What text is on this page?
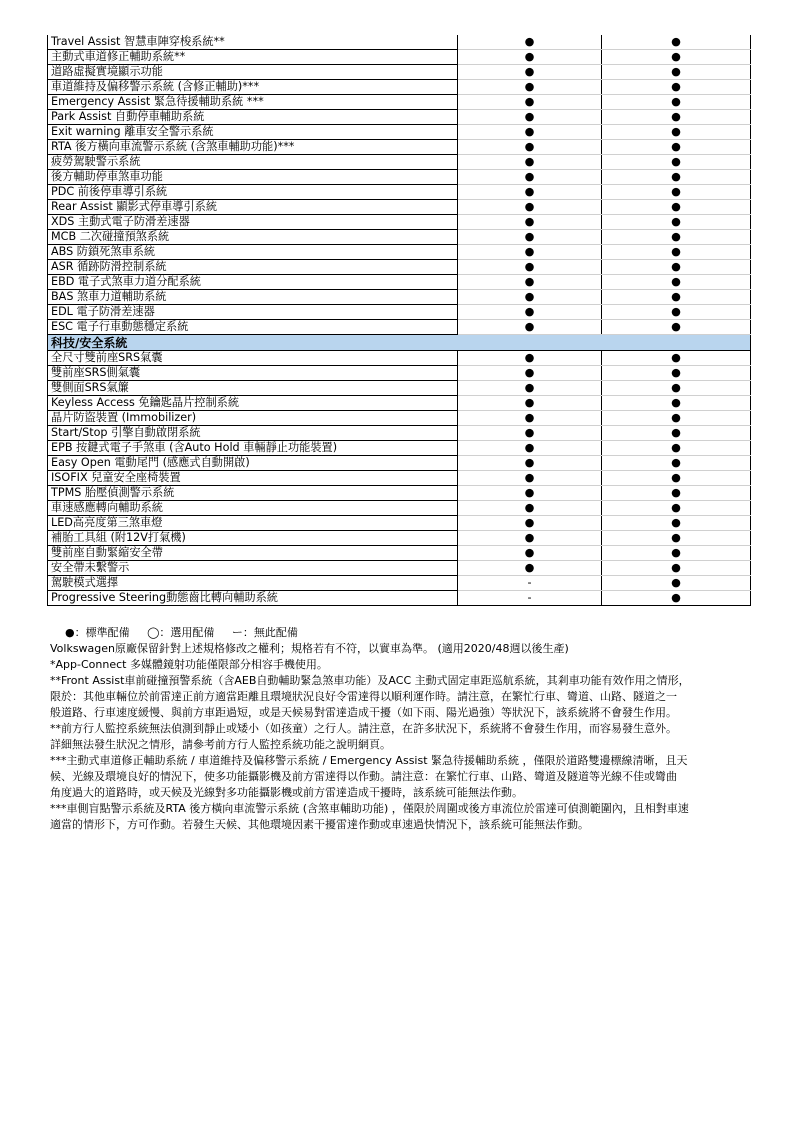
Travel Assist 智慧車陣穿梭系統**	●	●
主動式車道修正輔助系統**	●	●
道路虛擬實境顯示功能	●	●
車道維持及偏移警示系統 (含修正輔助)***	●	●
Emergency Assist 緊急待援輔助系統 ***	●	●
Park Assist 自動停車輔助系統	●	●
Exit warning 離車安全警示系統	●	●
RTA 後方橫向車流警示系統 (含煞車輔助功能)***	●	●
疲勞駕駛警示系統	●	●
後方輔助停車煞車功能	●	●
PDC 前後停車導引系統	●	●
Rear Assist 顯影式停車導引系統	●	●
XDS 主動式電子防滑差速器	●	●
MCB 二次碰撞預煞系統	●	●
ABS 防鎖死煞車系統	●	●
ASR 循跡防滑控制系統	●	●
EBD 電子式煞車力道分配系統	●	●
BAS 煞車力道輔助系統	●	●
EDL 電子防滑差速器	●	●
ESC 電子行車動態穩定系統	●	●
科技/安全系統		
全尺寸雙前座SRS氣囊	●	●
雙前座SRS側氣囊	●	●
雙側面SRS氣簾	●	●
Keyless Access 免鑰匙晶片控制系統	●	●
晶片防盜裝置 (Immobilizer)	●	●
Start/Stop 引擎自動啟閉系統	●	●
EPB 按鍵式電子手煞車 (含Auto Hold 車輛靜止功能裝置)	●	●
Easy Open 電動尾門 (感應式自動開啟)	●	●
ISOFIX 兒童安全座椅裝置	●	●
TPMS 胎壓偵測警示系統	●	●
車速感應轉向輔助系統	●	●
LED高亮度第三煞車燈	●	●
補胎工具組 (附12V打氣機)	●	●
雙前座自動緊縮安全帶	●	●
安全帶未繫警示	●	●
駕駛模式選擇	-	●
Progressive Steering動態齒比轉向輔助系統	-	●
●：標準配備 ◯：選用配備 ー：無此配備

Volkswagen原廠保留針對上述規格修改之權利；規格若有不符，以實車為準。 (適用2020/48週以後生產)

*App-Connect 多媒體鏡射功能僅限部分相容手機使用。

**Front Assist車前碰撞預警系統（含AEB自動輔助緊急煞車功能）及ACC 主動式固定車距巡航系統，其剎車功能有效作用之情形，

限於：其他車輛位於前雷達正前方適當距離且環境狀況良好令雷達得以順利運作時。請注意，在繁忙行車、彎道、山路、隧道之一

般道路、行車速度緩慢、與前方車距過短，或是天候易對雷達造成干擾（如下雨、陽光過強）等狀況下，該系統將不會發生作用。

**前方行人監控系統無法偵測到靜止或矮小（如孩童）之行人。請注意，在許多狀況下，系統將不會發生作用，而容易發生意外。

詳細無法發生狀況之情形，請參考前方行人監控系統功能之說明網頁。

***主動式車道修正輔助系統 / 車道維持及偏移警示系統 / Emergency Assist 緊急待援輔助系統 ，僅限於道路雙邊標線清晰，且天

候、光線及環境良好的情況下，使多功能攝影機及前方雷達得以作動。請注意：在繁忙行車、山路、彎道及隧道等光線不佳或彎曲

角度過大的道路時，或天候及光線對多功能攝影機或前方雷達造成干擾時，該系統可能無法作動。

***車側盲點警示系統及RTA 後方橫向車流警示系統 (含煞車輔助功能) ，僅限於周圍或後方車流位於雷達可偵測範圍內，且相對車速

適當的情形下，方可作動。若發生天候、其他環境因素干擾雷達作動或車速過快情況下，該系統可能無法作動。
